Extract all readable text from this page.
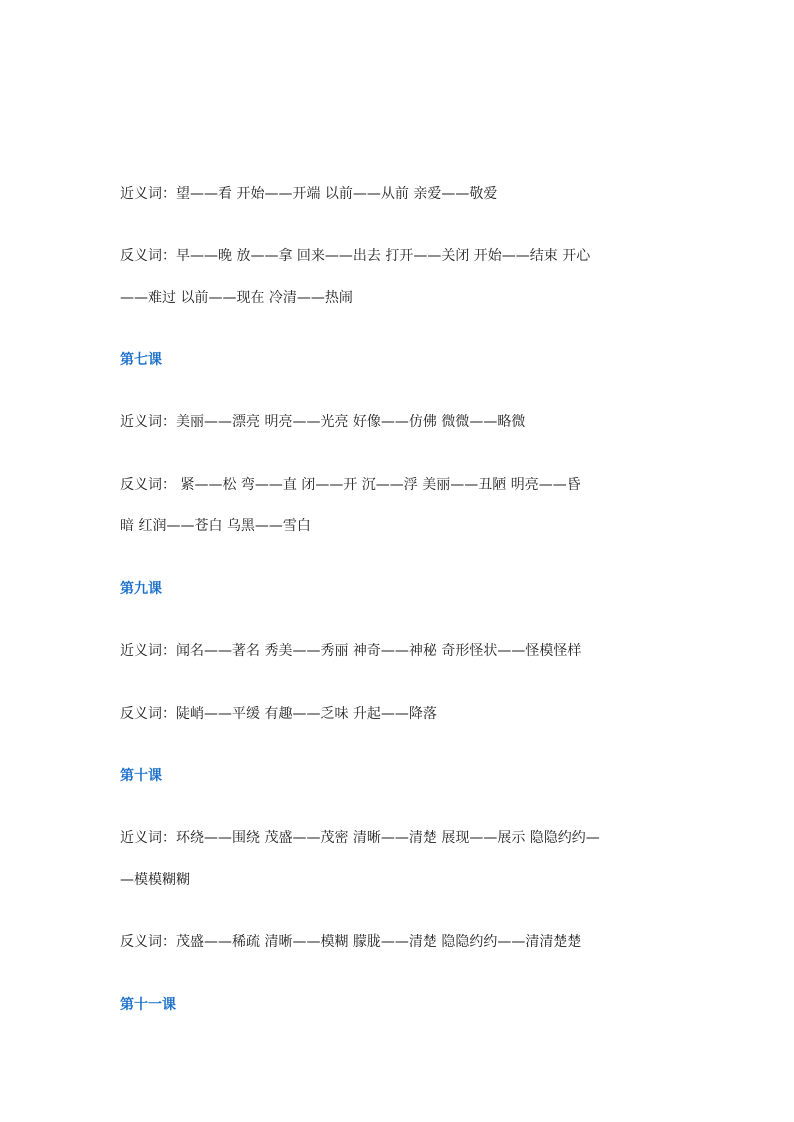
近义词：望——看 开始——开端 以前——从前 亲爱——敬爱
反义词：早——晚 放——拿 回来——出去 打开——关闭 开始——结束 开心
——难过 以前——现在 冷清——热闹
第七课
近义词：美丽——漂亮 明亮——光亮 好像——仿佛 微微——略微
反义词： 紧——松 弯——直 闭——开 沉——浮 美丽——丑陋 明亮——昏
暗 红润——苍白 乌黑——雪白
第九课
近义词：闻名——著名 秀美——秀丽 神奇——神秘 奇形怪状——怪模怪样
反义词：陡峭——平缓 有趣——乏味 升起——降落
第十课
近义词：环绕——围绕 茂盛——茂密 清晰——清楚 展现——展示 隐隐约约—
—模模糊糊
反义词：茂盛——稀疏 清晰——模糊 朦胧——清楚 隐隐约约——清清楚楚
第十一课
